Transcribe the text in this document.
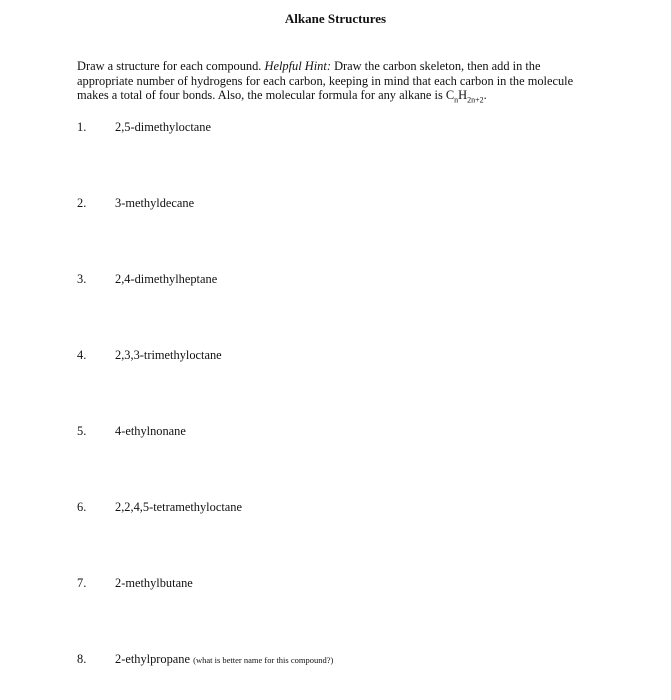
Alkane Structures
Draw a structure for each compound. Helpful Hint: Draw the carbon skeleton, then add in the appropriate number of hydrogens for each carbon, keeping in mind that each carbon in the molecule makes a total of four bonds. Also, the molecular formula for any alkane is $C_nH_{2n+2}$.
1. 2,5-dimethyloctane
2. 3-methyldecane
3. 2,4-dimethylheptane
4. 2,3,3-trimethyloctane
5. 4-ethylnonane
6. 2,2,4,5-tetramethyloctane
7. 2-methylbutane
8. 2-ethylpropane (what is better name for this compound?)
